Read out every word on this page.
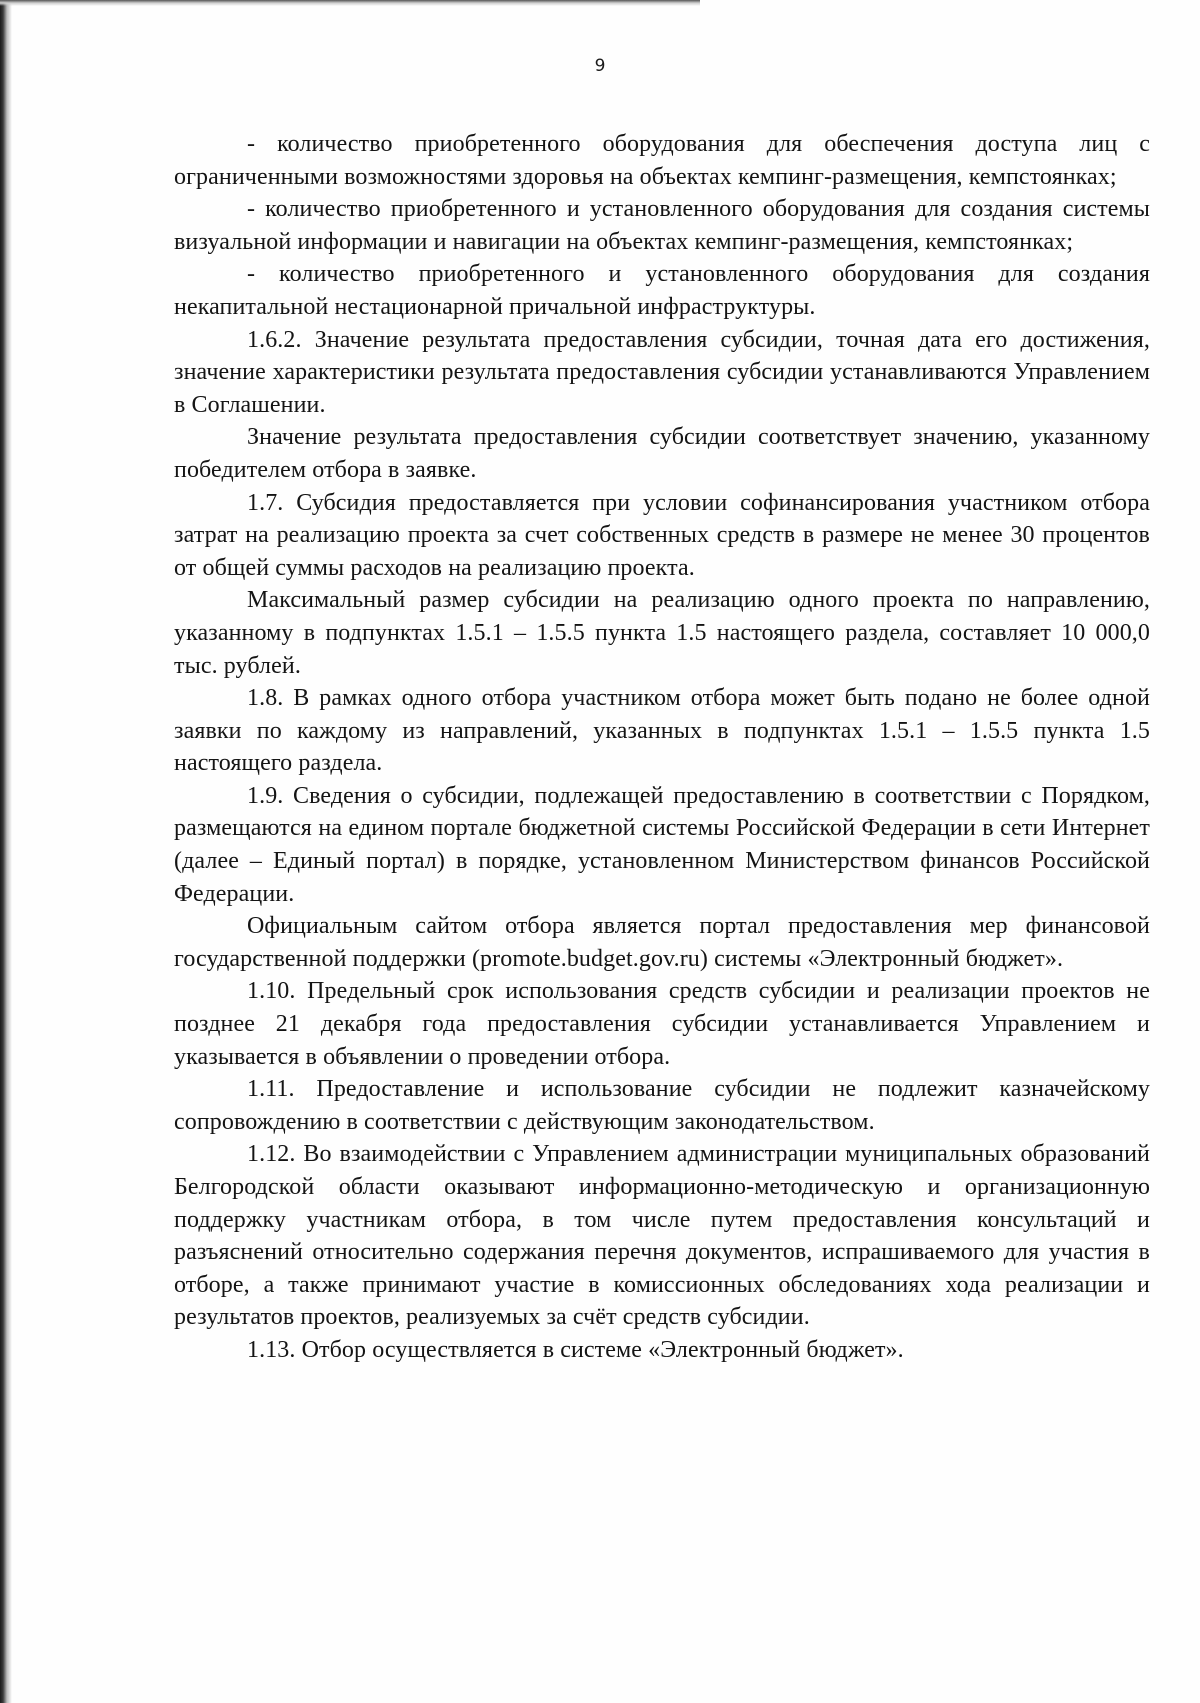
9

- количество приобретенного оборудования для обеспечения доступа лиц с ограниченными возможностями здоровья на объектах кемпинг-размещения, кемпстоянках;

- количество приобретенного и установленного оборудования для создания системы визуальной информации и навигации на объектах кемпинг-размещения, кемпстоянках;

- количество приобретенного и установленного оборудования для создания некапитальной нестационарной причальной инфраструктуры.

1.6.2. Значение результата предоставления субсидии, точная дата его достижения, значение характеристики результата предоставления субсидии устанавливаются Управлением в Соглашении.

Значение результата предоставления субсидии соответствует значению, указанному победителем отбора в заявке.

1.7. Субсидия предоставляется при условии софинансирования участником отбора затрат на реализацию проекта за счет собственных средств в размере не менее 30 процентов от общей суммы расходов на реализацию проекта.

Максимальный размер субсидии на реализацию одного проекта по направлению, указанному в подпунктах 1.5.1 – 1.5.5 пункта 1.5 настоящего раздела, составляет 10 000,0 тыс. рублей.

1.8. В рамках одного отбора участником отбора может быть подано не более одной заявки по каждому из направлений, указанных в подпунктах 1.5.1 – 1.5.5 пункта 1.5 настоящего раздела.

1.9. Сведения о субсидии, подлежащей предоставлению в соответствии с Порядком, размещаются на едином портале бюджетной системы Российской Федерации в сети Интернет (далее – Единый портал) в порядке, установленном Министерством финансов Российской Федерации.

Официальным сайтом отбора является портал предоставления мер финансовой государственной поддержки (promote.budget.gov.ru) системы «Электронный бюджет».

1.10. Предельный срок использования средств субсидии и реализации проектов не позднее 21 декабря года предоставления субсидии устанавливается Управлением и указывается в объявлении о проведении отбора.

1.11. Предоставление и использование субсидии не подлежит казначейскому сопровождению в соответствии с действующим законодательством.

1.12. Во взаимодействии с Управлением администрации муниципальных образований Белгородской области оказывают информационно-методическую и организационную поддержку участникам отбора, в том числе путем предоставления консультаций и разъяснений относительно содержания перечня документов, испрашиваемого для участия в отборе, а также принимают участие в комиссионных обследованиях хода реализации и результатов проектов, реализуемых за счёт средств субсидии.

1.13. Отбор осуществляется в системе «Электронный бюджет».
